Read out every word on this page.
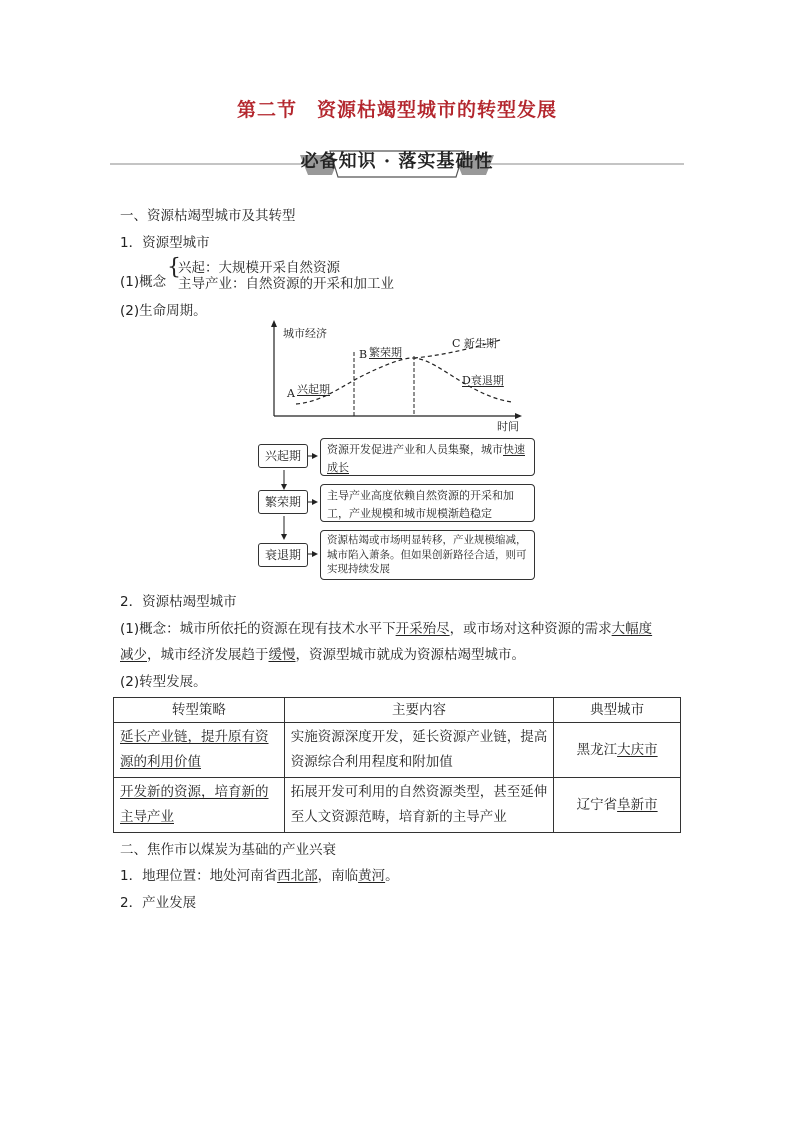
第二节　资源枯竭型城市的转型发展
必备知识 · 落实基础性
一、资源枯竭型城市及其转型
1．资源型城市
(1)概念
{
兴起：大规模开采自然资源
主导产业：自然资源的开采和加工业
(2)生命周期。
城市经济
时间
A 兴起期
B 繁荣期
C 新生期
D衰退期
兴起期	资源开发促进产业和人员集聚，城市快速成长
繁荣期	主导产业高度依赖自然资源的开采和加工，产业规模和城市规模渐趋稳定
衰退期
资源枯竭或市场明显转移，产业规模缩减，城市陷入萧条。但如果创新路径合适，则可实现持续发展
2．资源枯竭型城市
(1)概念：城市所依托的资源在现有技术水平下开采殆尽，或市场对这种资源的需求大幅度
减少，城市经济发展趋于缓慢，资源型城市就成为资源枯竭型城市。
(2)转型发展。
转型策略	主要内容	典型城市
延长产业链，提升原有资源的利用价值	实施资源深度开发，延长资源产业链，提高资源综合利用程度和附加值	黑龙江大庆市
开发新的资源，培育新的主导产业	拓展开发可利用的自然资源类型，甚至延伸至人文资源范畴，培育新的主导产业	辽宁省阜新市
二、焦作市以煤炭为基础的产业兴衰
1．地理位置：地处河南省西北部，南临黄河。
2．产业发展
